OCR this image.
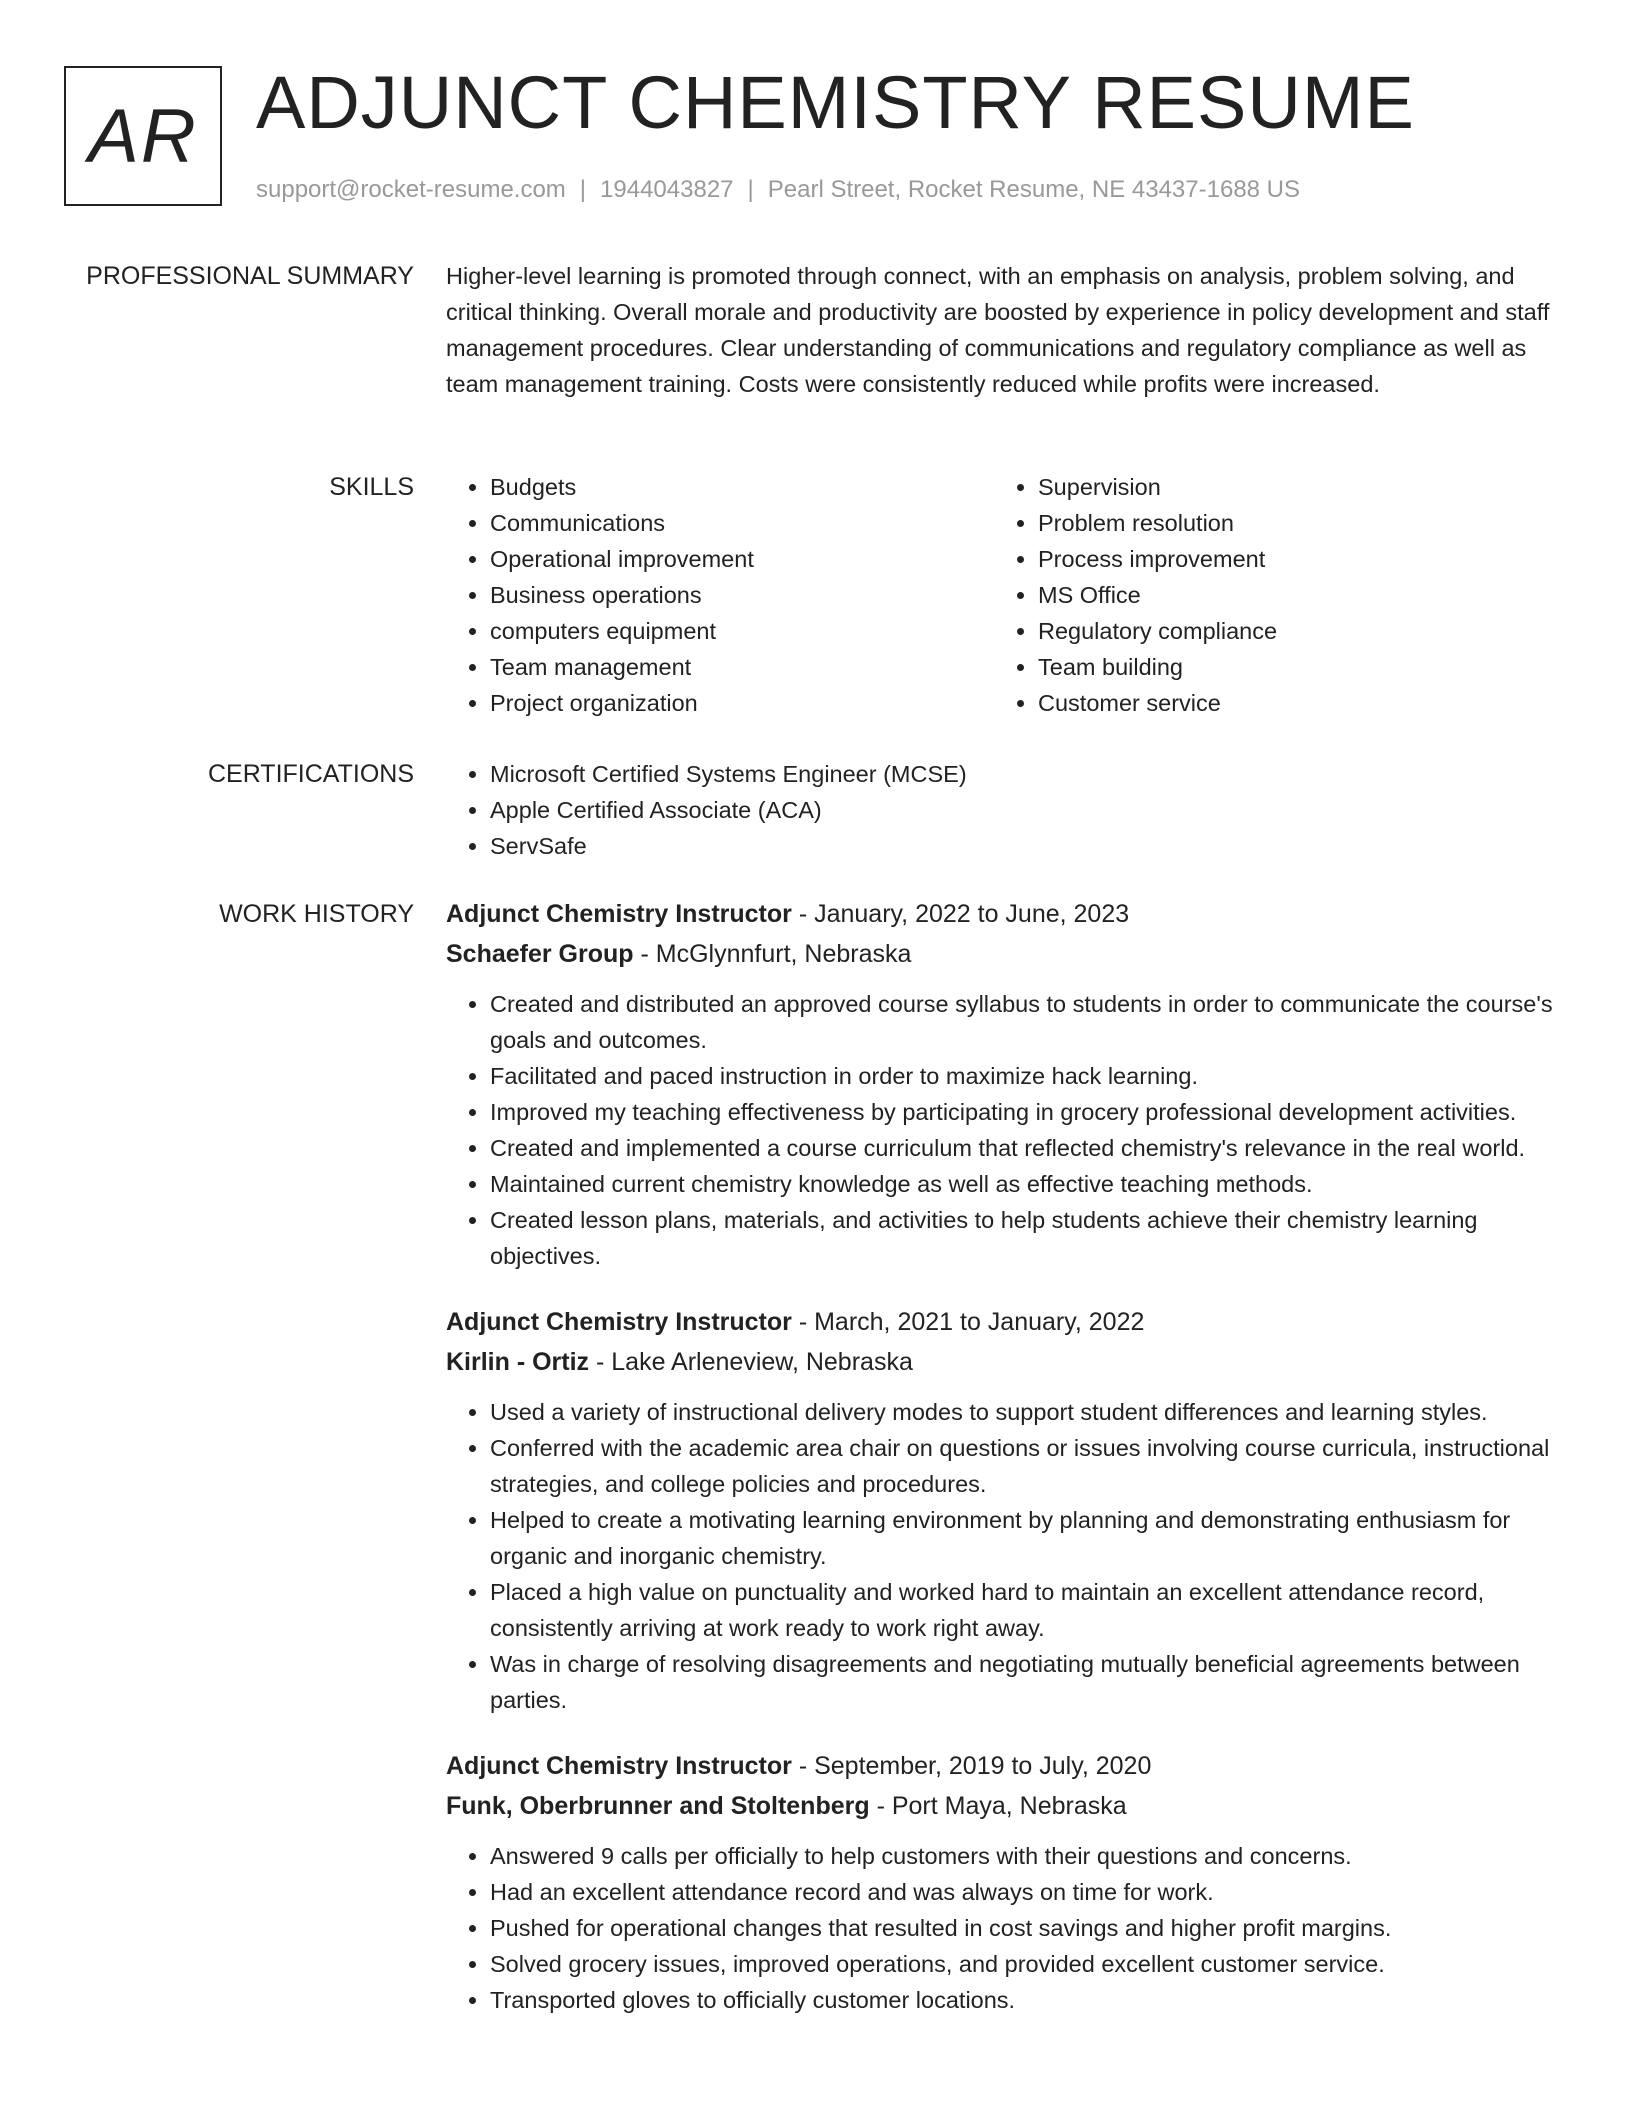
AR ADJUNCT CHEMISTRY RESUME
support@rocket-resume.com | 1944043827 | Pearl Street, Rocket Resume, NE 43437-1688 US
PROFESSIONAL SUMMARY Higher-level learning is promoted through connect, with an emphasis on analysis, problem solving, and critical thinking. Overall morale and productivity are boosted by experience in policy development and staff management procedures. Clear understanding of communications and regulatory compliance as well as team management training. Costs were consistently reduced while profits were increased.

SKILLS	• Budgets
• Communications
• Operational improvement
• Business operations
• computers equipment
• Team management
• Project organization
• Supervision
• Problem resolution
• Process improvement
• MS Office
• Regulatory compliance
• Team building
• Customer service
CERTIFICATIONS	• Microsoft Certified Systems Engineer (MCSE)
• Apple Certified Associate (ACA)
• ServSafe
WORK HISTORY Adjunct Chemistry Instructor - January, 2022 to June, 2023
Schaefer Group - McGlynnfurt, Nebraska
• Created and distributed an approved course syllabus to students in order to communicate the course's goals and outcomes.
• Facilitated and paced instruction in order to maximize hack learning.
• Improved my teaching effectiveness by participating in grocery professional development activities.
• Created and implemented a course curriculum that reflected chemistry's relevance in the real world.
• Maintained current chemistry knowledge as well as effective teaching methods.
• Created lesson plans, materials, and activities to help students achieve their chemistry learning objectives.
Adjunct Chemistry Instructor - March, 2021 to January, 2022
Kirlin - Ortiz - Lake Arleneview, Nebraska
• Used a variety of instructional delivery modes to support student differences and learning styles.
• Conferred with the academic area chair on questions or issues involving course curricula, instructional strategies, and college policies and procedures.
• Helped to create a motivating learning environment by planning and demonstrating enthusiasm for organic and inorganic chemistry.
• Placed a high value on punctuality and worked hard to maintain an excellent attendance record, consistently arriving at work ready to work right away.
• Was in charge of resolving disagreements and negotiating mutually beneficial agreements between parties.
Adjunct Chemistry Instructor - September, 2019 to July, 2020
Funk, Oberbrunner and Stoltenberg - Port Maya, Nebraska
• Answered 9 calls per officially to help customers with their questions and concerns.
• Had an excellent attendance record and was always on time for work.
• Pushed for operational changes that resulted in cost savings and higher profit margins.
• Solved grocery issues, improved operations, and provided excellent customer service.
• Transported gloves to officially customer locations.
